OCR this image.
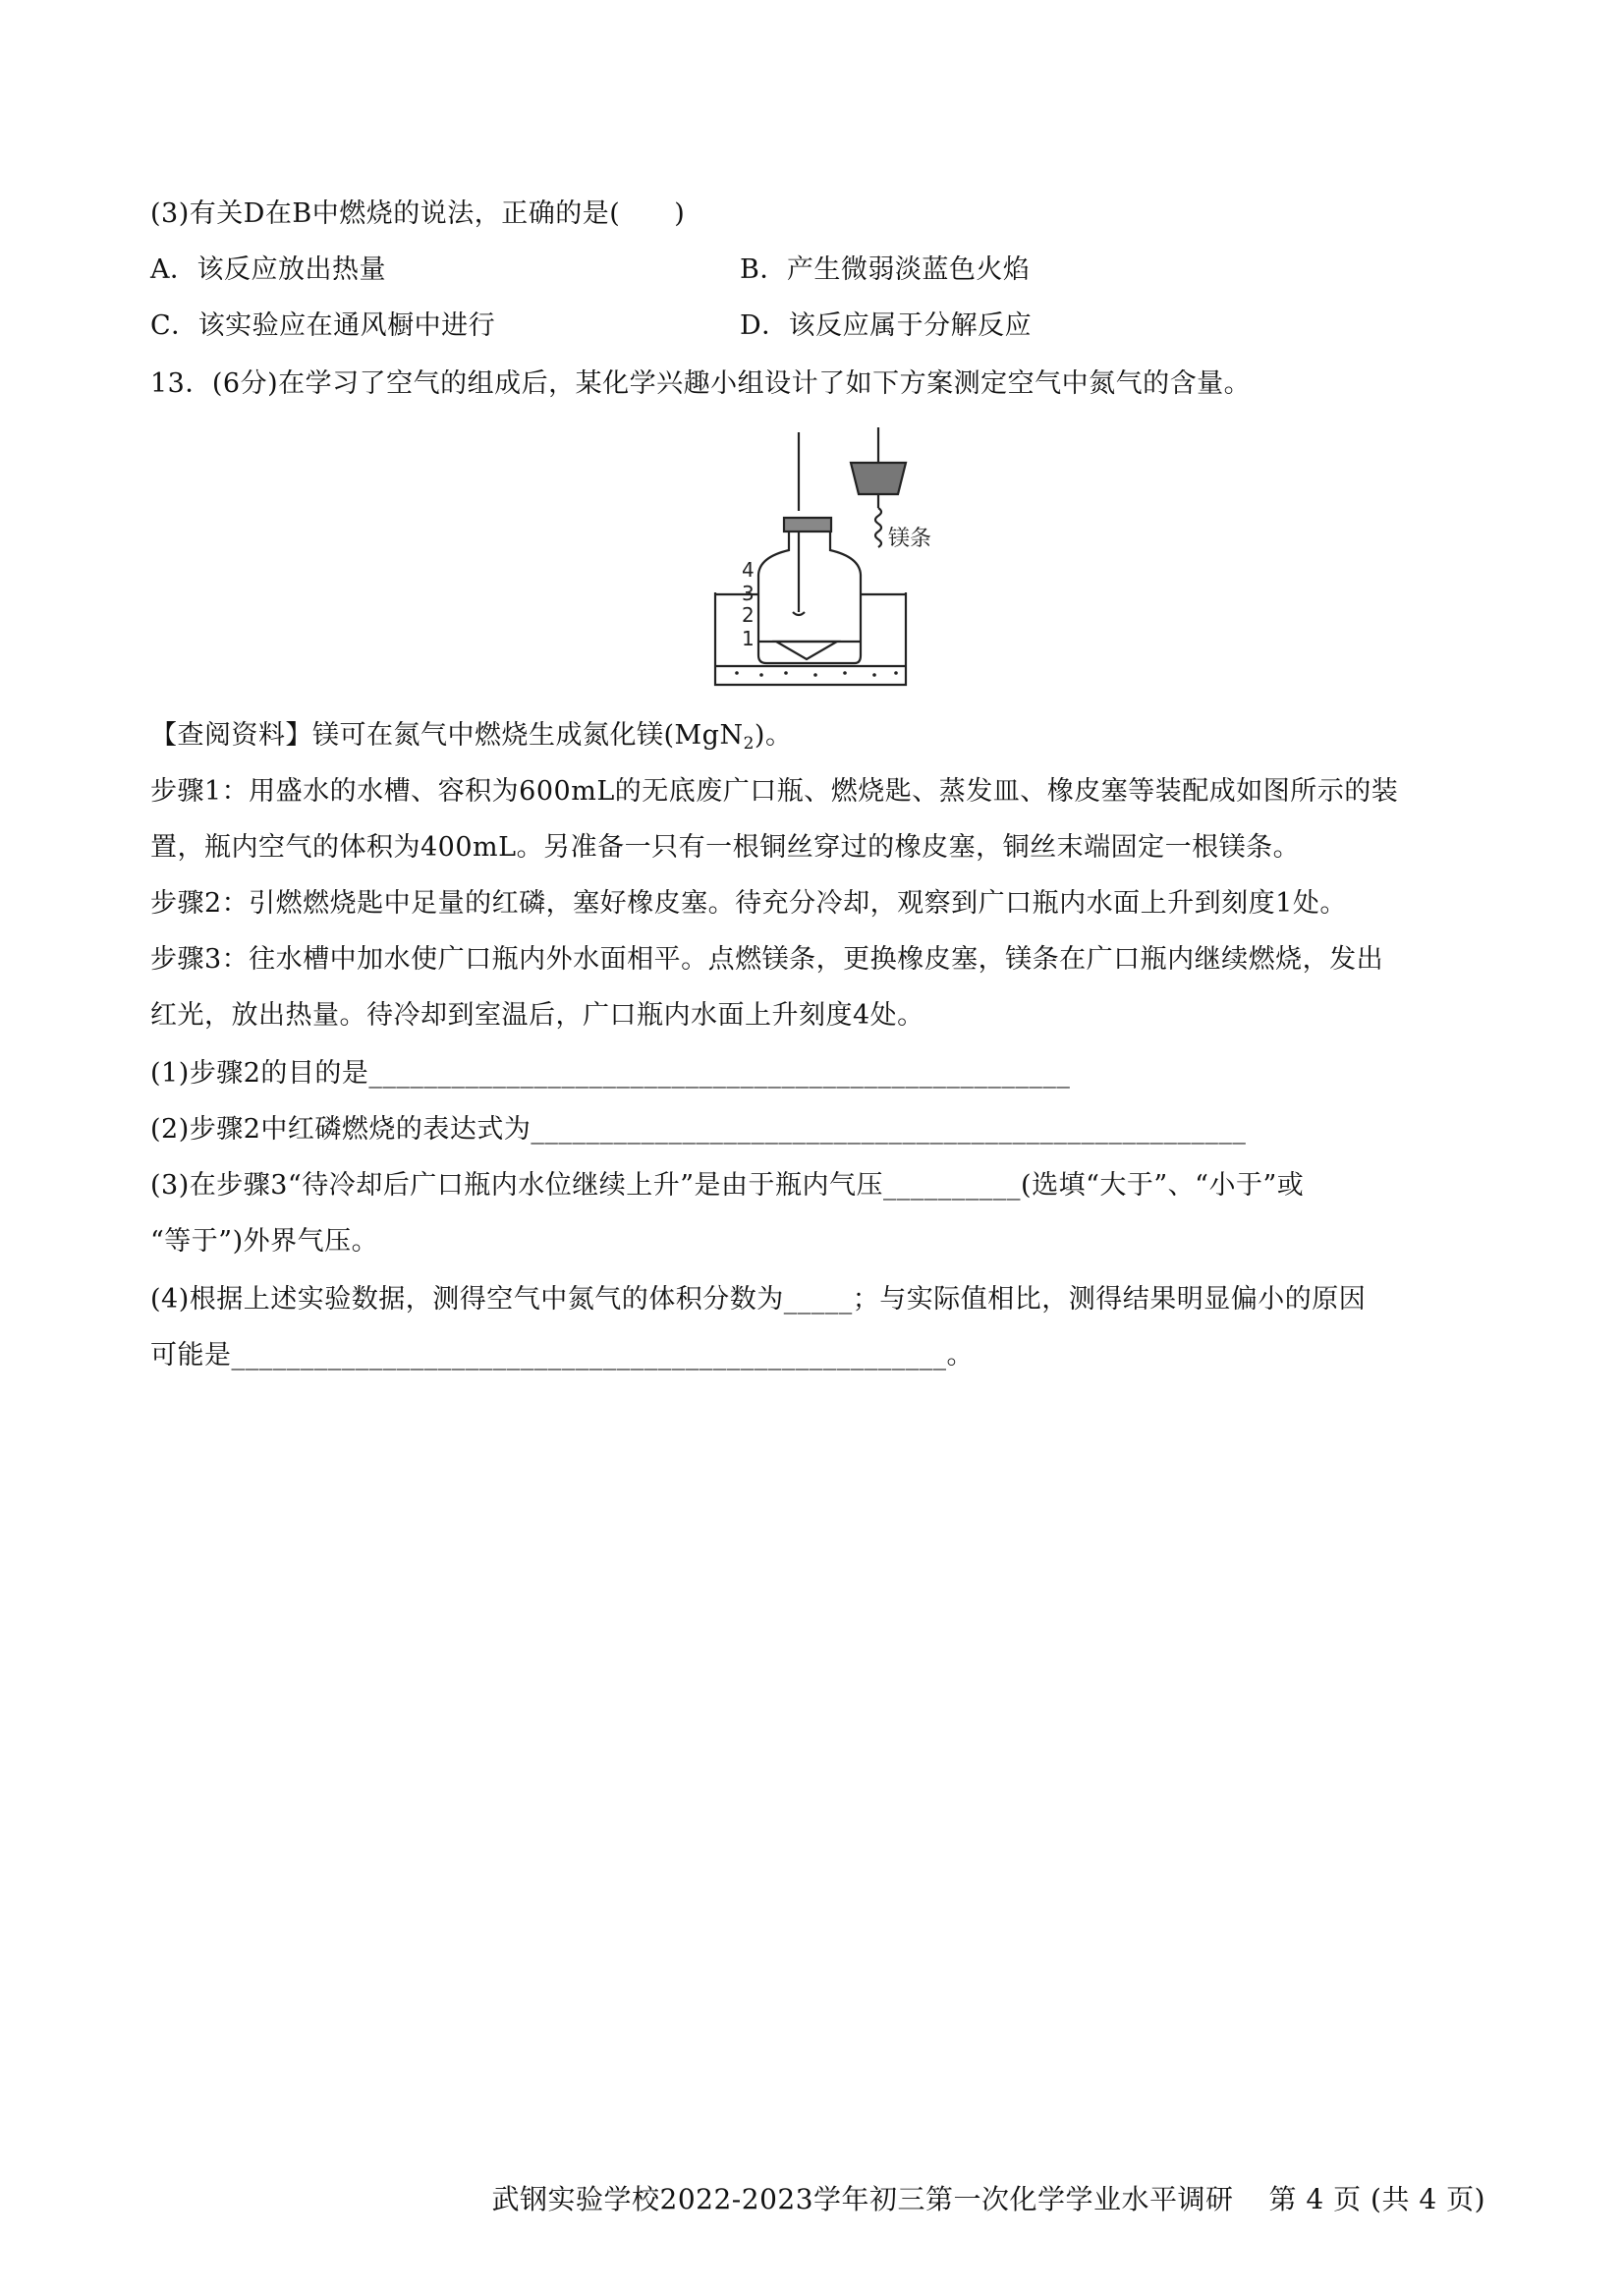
(3)有关D在B中燃烧的说法，正确的是(　　)
A．该反应放出热量	B．产生微弱淡蓝色火焰
C．该实验应在通风橱中进行	D．该反应属于分解反应
13．(6分)在学习了空气的组成后，某化学兴趣小组设计了如下方案测定空气中氮气的含量。
4
3
2
1
镁条
【查阅资料】镁可在氮气中燃烧生成氮化镁(MgN$_2$)。
步骤1：用盛水的水槽、容积为600mL的无底废广口瓶、燃烧匙、蒸发皿、橡皮塞等装配成如图所示的装
置，瓶内空气的体积为400mL。另准备一只有一根铜丝穿过的橡皮塞，铜丝末端固定一根镁条。
步骤2：引燃燃烧匙中足量的红磷，塞好橡皮塞。待充分冷却，观察到广口瓶内水面上升到刻度1处。
步骤3：往水槽中加水使广口瓶内外水面相平。点燃镁条，更换橡皮塞，镁条在广口瓶内继续燃烧，发出
红光，放出热量。待冷却到室温后，广口瓶内水面上升刻度4处。
(1)步骤2的目的是___________________________________________________
(2)步骤2中红磷燃烧的表达式为____________________________________________________
(3)在步骤3“待冷却后广口瓶内水位继续上升”是由于瓶内气压__________(选填“大于”、“小于”或
“等于”)外界气压。
(4)根据上述实验数据，测得空气中氮气的体积分数为_____；与实际值相比，测得结果明显偏小的原因
可能是____________________________________________________。
武钢实验学校2022-2023学年初三第一次化学学业水平调研 第 4 页 (共 4 页)
